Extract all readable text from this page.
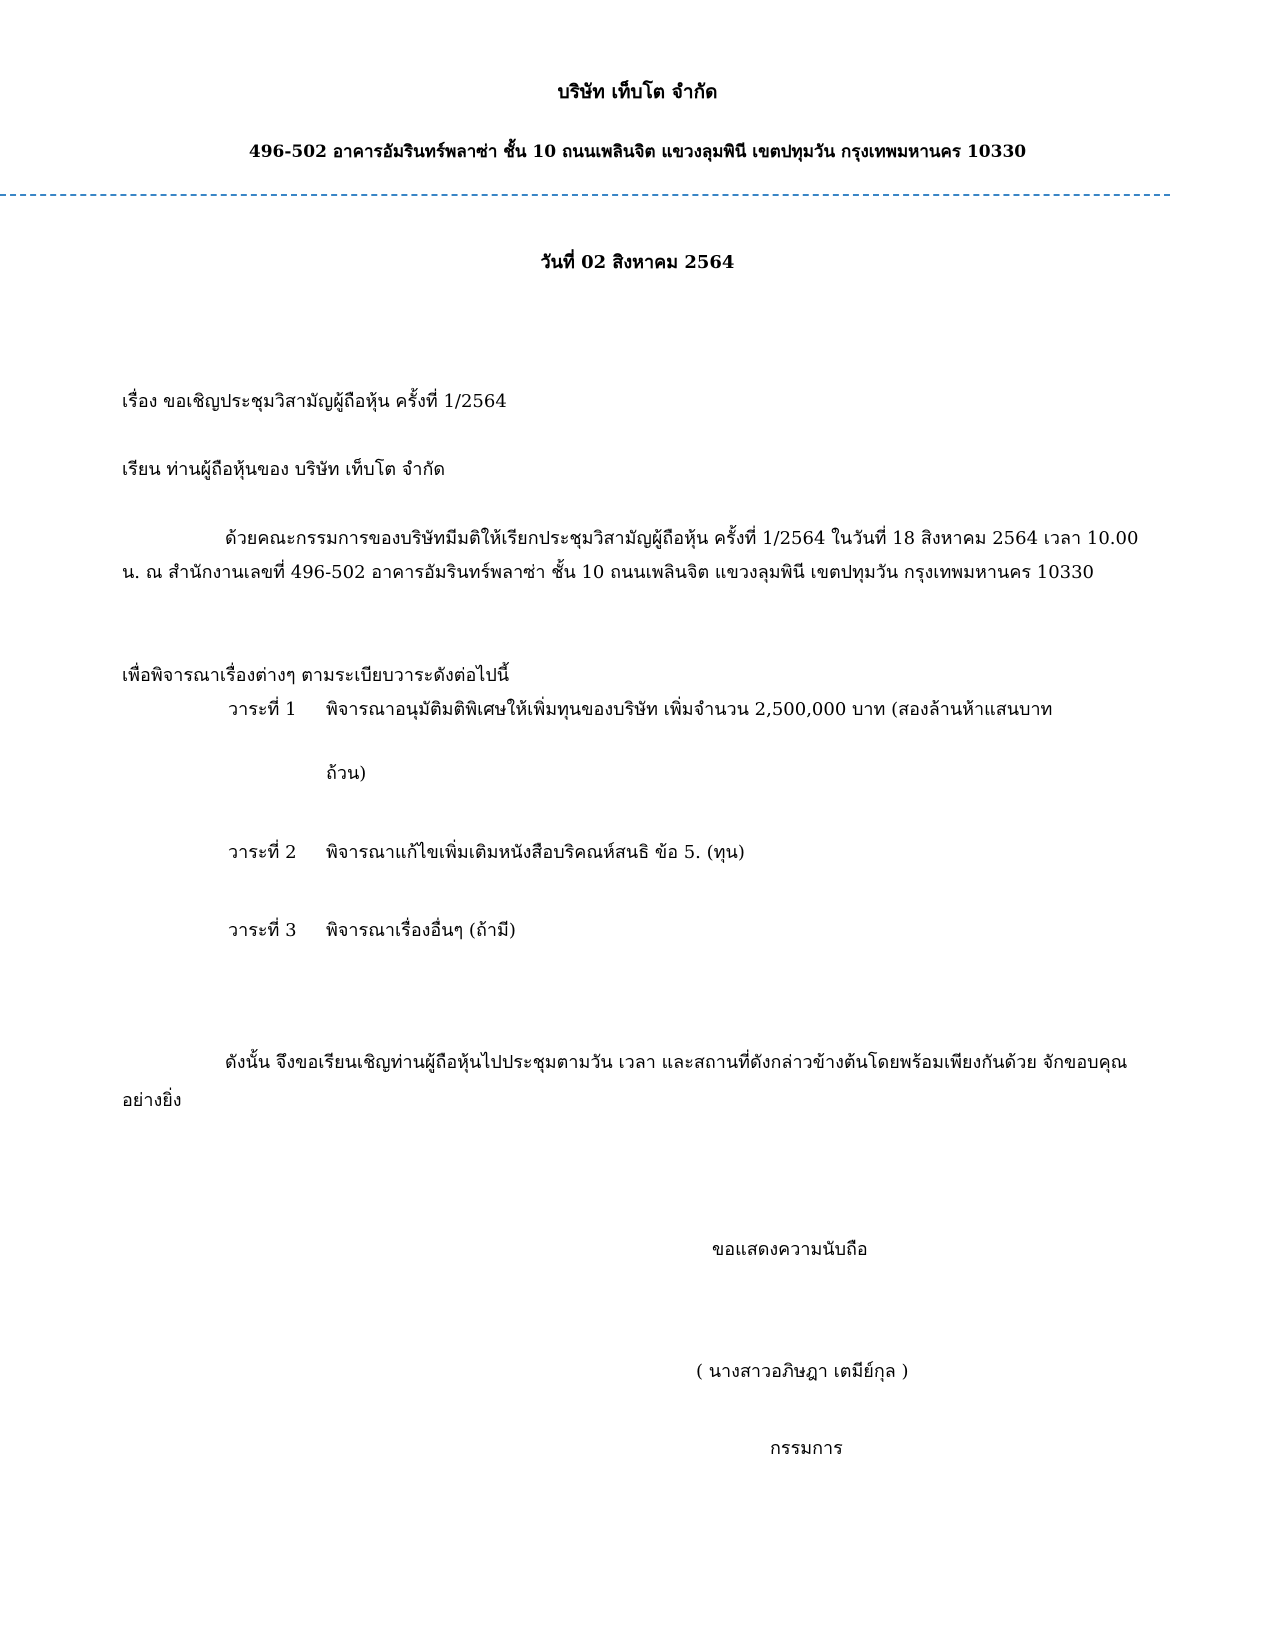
บริษัท เท็บโต จำกัด
496-502 อาคารอัมรินทร์พลาซ่า ชั้น 10 ถนนเพลินจิต แขวงลุมพินี เขตปทุมวัน กรุงเทพมหานคร 10330
วันที่ 02 สิงหาคม 2564
เรื่อง ขอเชิญประชุมวิสามัญผู้ถือหุ้น ครั้งที่ 1/2564
เรียน ท่านผู้ถือหุ้นของ บริษัท เท็บโต จำกัด
ด้วยคณะกรรมการของบริษัทมีมติให้เรียกประชุมวิสามัญผู้ถือหุ้น ครั้งที่ 1/2564 ในวันที่ 18 สิงหาคม 2564 เวลา 10.00 น. ณ สำนักงานเลขที่ 496-502 อาคารอัมรินทร์พลาซ่า ชั้น 10 ถนนเพลินจิต แขวงลุมพินี เขตปทุมวัน กรุงเทพมหานคร 10330
เพื่อพิจารณาเรื่องต่างๆ ตามระเบียบวาระดังต่อไปนี้
วาระที่ 1 พิจารณาอนุมัติมติพิเศษให้เพิ่มทุนของบริษัท เพิ่มจำนวน 2,500,000 บาท (สองล้านห้าแสนบาท
ถ้วน)
วาระที่ 2 พิจารณาแก้ไขเพิ่มเติมหนังสือบริคณห์สนธิ ข้อ 5. (ทุน)
วาระที่ 3 พิจารณาเรื่องอื่นๆ (ถ้ามี)
ดังนั้น จึงขอเรียนเชิญท่านผู้ถือหุ้นไปประชุมตามวัน เวลา และสถานที่ดังกล่าวข้างต้นโดยพร้อมเพียงกันด้วย จักขอบคุณอย่างยิ่ง
ขอแสดงความนับถือ
( นางสาวอภิษฎา เตมีย์กุล )
กรรมการ
